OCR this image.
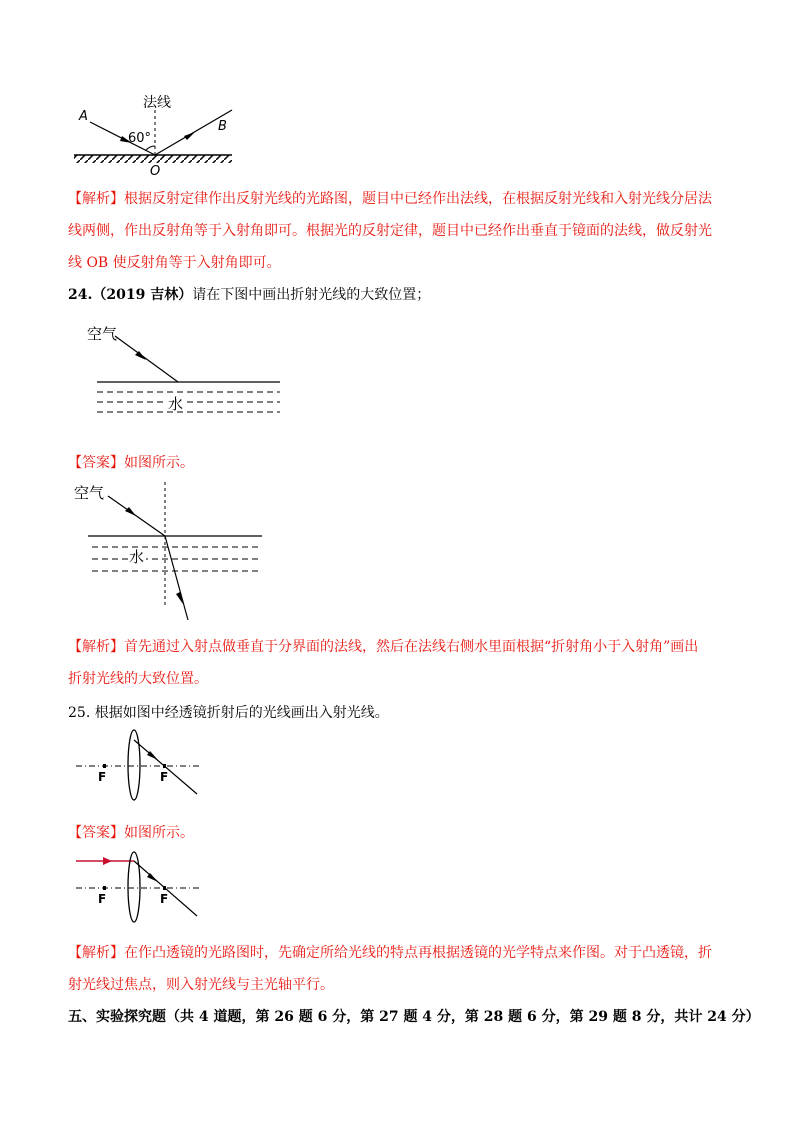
法线
A
B
60°
O
【解析】根据反射定律作出反射光线的光路图，题目中已经作出法线，在根据反射光线和入射光线分居法
线两侧，作出反射角等于入射角即可。根据光的反射定律，题目中已经作出垂直于镜面的法线，做反射光
线 OB 使反射角等于入射角即可。
24.（2019 吉林）请在下图中画出折射光线的大致位置；
空气
水
【答案】如图所示。
空气
水
【解析】首先通过入射点做垂直于分界面的法线，然后在法线右侧水里面根据“折射角小于入射角”画出
折射光线的大致位置。
25. 根据如图中经透镜折射后的光线画出入射光线。
F	F
【答案】如图所示。
F	F
【解析】在作凸透镜的光路图时，先确定所给光线的特点再根据透镜的光学特点来作图。对于凸透镜，折
射光线过焦点，则入射光线与主光轴平行。
五、实验探究题（共 4 道题，第 26 题 6 分，第 27 题 4 分，第 28 题 6 分，第 29 题 8 分，共计 24 分）
